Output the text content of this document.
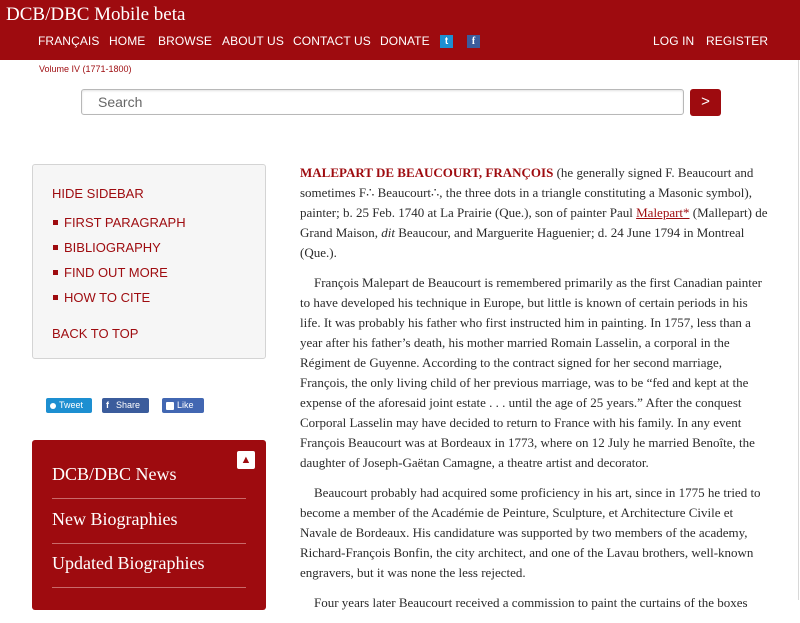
DCB/DBC Mobile beta
FRANÇAIS HOME BROWSE ABOUT US CONTACT US DONATE	LOG IN REGISTER
t	f
Volume IV (1771-1800)
Search
>
HIDE SIDEBAR
FIRST PARAGRAPH
BIBLIOGRAPHY
FIND OUT MORE
HOW TO CITE
BACK TO TOP
Tweet	f Share	Like
▲
DCB/DBC News
New Biographies
Updated Biographies

MALEPART DE BEAUCOURT, FRANÇOIS (he generally signed F. Beaucourt and sometimes F∴ Beaucourt∴, the three dots in a triangle constituting a Masonic symbol), painter; b. 25 Feb. 1740 at La Prairie (Que.), son of painter Paul Malepart* (Mallepart) de Grand Maison, dit Beaucour, and Marguerite Haguenier; d. 24 June 1794 in Montreal (Que.).

François Malepart de Beaucourt is remembered primarily as the first Canadian painter to have developed his technique in Europe, but little is known of certain periods in his life. It was probably his father who first instructed him in painting. In 1757, less than a year after his father’s death, his mother married Romain Lasselin, a corporal in the Régiment de Guyenne. According to the contract signed for her second marriage, François, the only living child of her previous marriage, was to be “fed and kept at the expense of the aforesaid joint estate . . . until the age of 25 years.” After the conquest Corporal Lasselin may have decided to return to France with his family. In any event François Beaucourt was at Bordeaux in 1773, where on 12 July he married Benoîte, the daughter of Joseph-Gaëtan Camagne, a theatre artist and decorator.

Beaucourt probably had acquired some proficiency in his art, since in 1775 he tried to become a member of the Académie de Peinture, Sculpture, et Architecture Civile et Navale de Bordeaux. His candidature was supported by two members of the academy, Richard-François Bonfin, the city architect, and one of the Lavau brothers, well-known engravers, but it was none the less rejected.

Four years later Beaucourt received a commission to paint the curtains of the boxes
